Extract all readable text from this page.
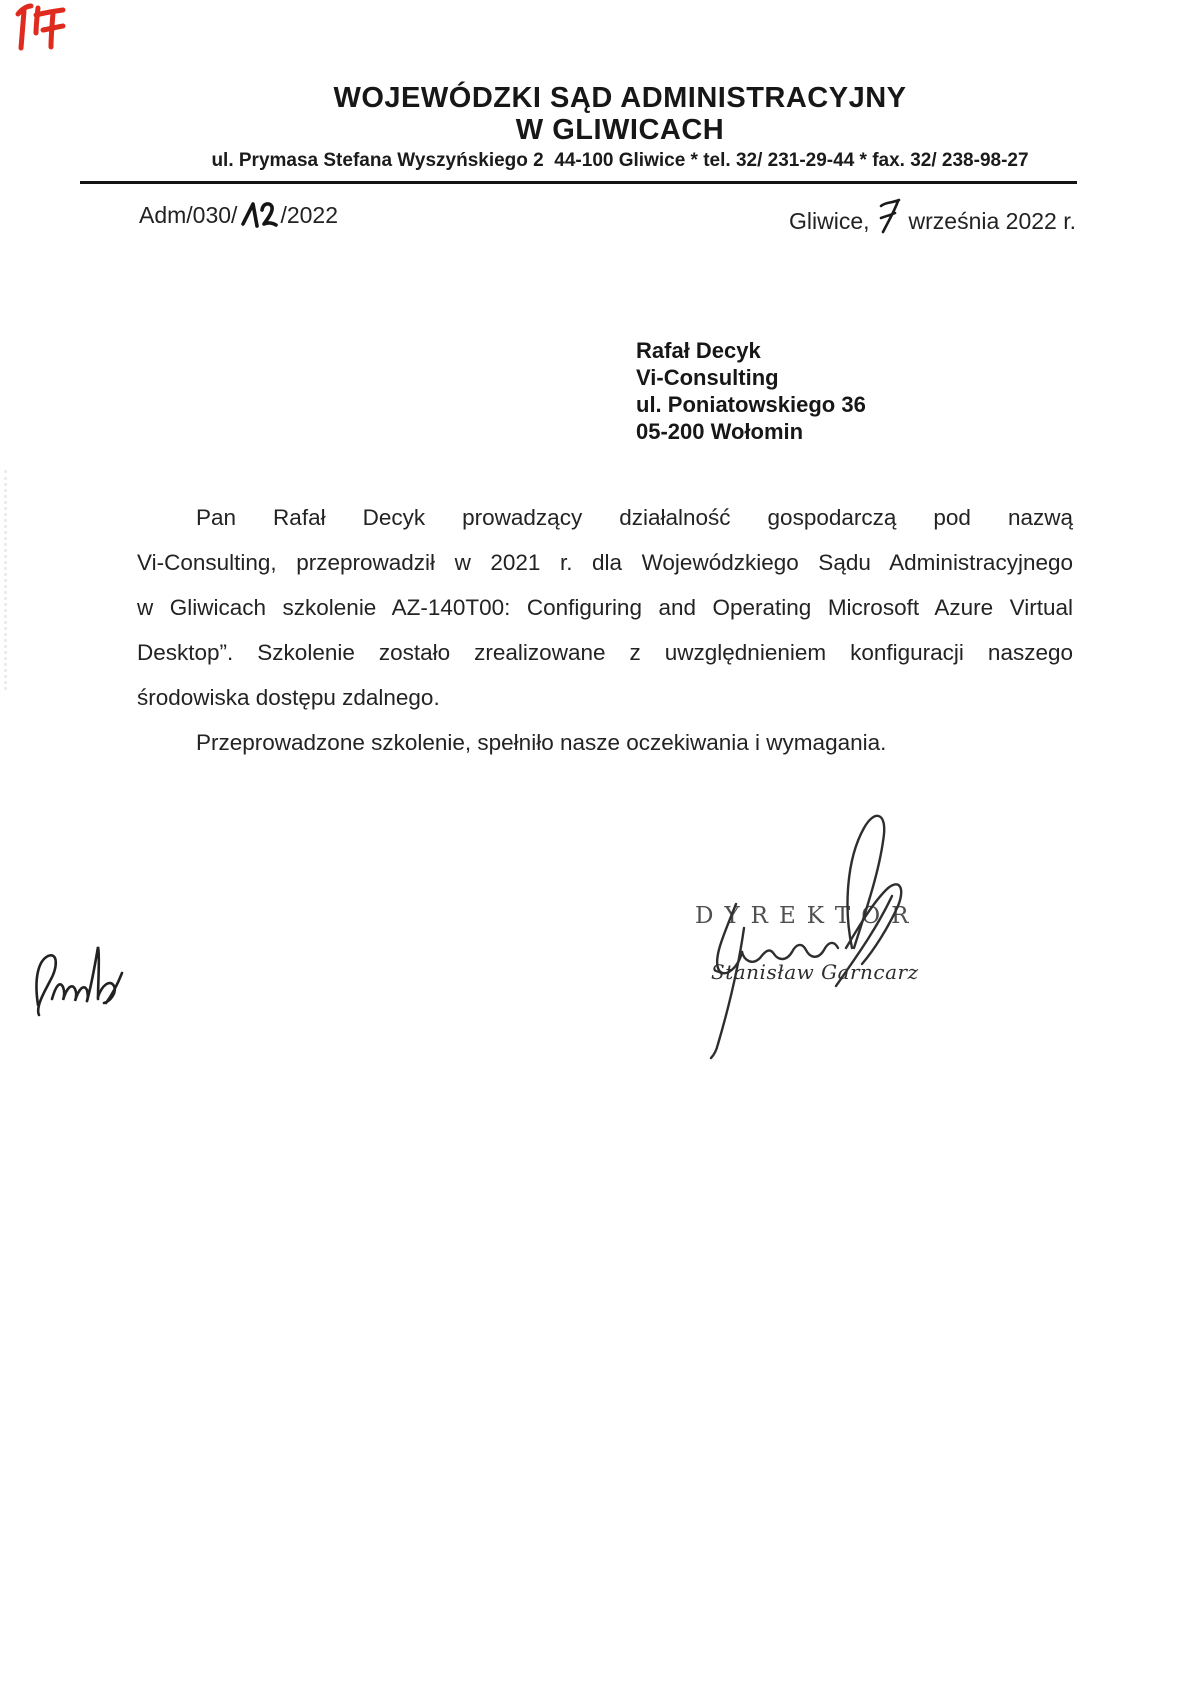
WOJEWÓDZKI SĄD ADMINISTRACYJNY
W GLIWICACH
ul. Prymasa Stefana Wyszyńskiego 2  44-100 Gliwice * tel. 32/ 231-29-44 * fax. 32/ 238-98-27
Adm/030/ /2022	Gliwice, września 2022 r.
Rafał Decyk
Vi-Consulting
ul. Poniatowskiego 36
05-200 Wołomin
Pan Rafał Decyk prowadzący działalność gospodarczą pod nazwą
Vi-Consulting, przeprowadził w 2021 r. dla Wojewódzkiego Sądu Administracyjnego
w Gliwicach szkolenie AZ-140T00: Configuring and Operating Microsoft Azure Virtual
Desktop”. Szkolenie zostało zrealizowane z uwzględnieniem konfiguracji naszego
środowiska dostępu zdalnego.
Przeprowadzone szkolenie, spełniło nasze oczekiwania i wymagania.
DYREKTOR
Stanisław Garncarz
